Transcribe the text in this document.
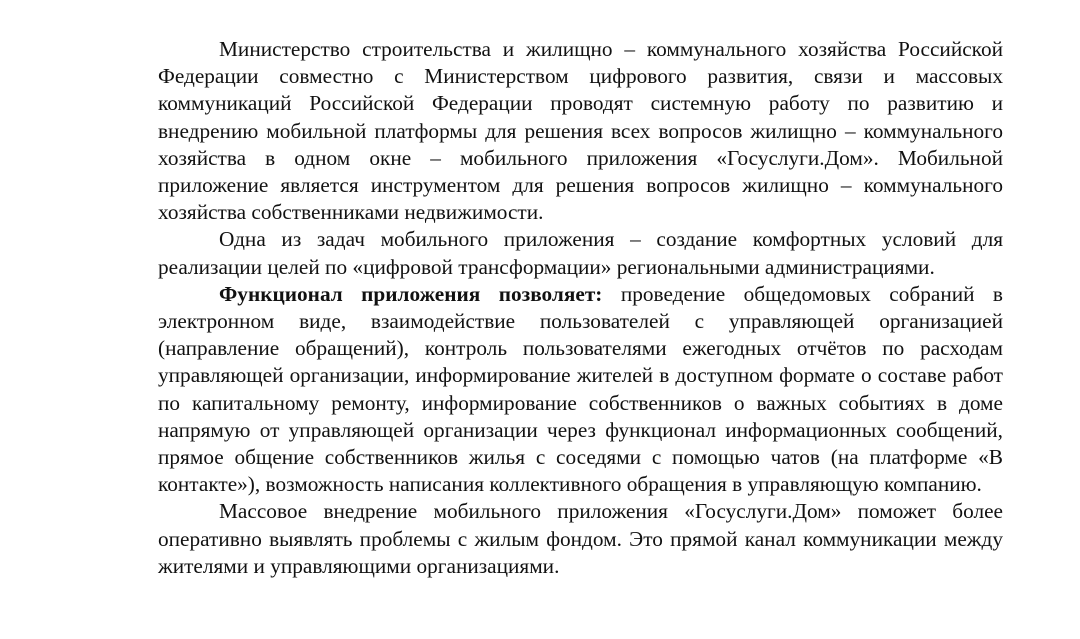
Министерство строительства и жилищно – коммунального хозяйства Российской Федерации совместно с Министерством цифрового развития, связи и массовых коммуникаций Российской Федерации проводят системную работу по развитию и внедрению мобильной платформы для решения всех вопросов жилищно – коммунального хозяйства в одном окне – мобильного приложения «Госуслуги.Дом». Мобильной приложение является инструментом для решения вопросов жилищно – коммунального хозяйства собственниками недвижимости.

Одна из задач мобильного приложения – создание комфортных условий для реализации целей по «цифровой трансформации» региональными администрациями.

Функционал приложения позволяет: проведение общедомовых собраний в электронном виде, взаимодействие пользователей с управляющей организацией (направление обращений), контроль пользователями ежегодных отчётов по расходам управляющей организации, информирование жителей в доступном формате о составе работ по капитальному ремонту, информирование собственников о важных событиях в доме напрямую от управляющей организации через функционал информационных сообщений, прямое общение собственников жилья с соседями с помощью чатов (на платформе «В контакте»), возможность написания коллективного обращения в управляющую компанию.

Массовое внедрение мобильного приложения «Госуслуги.Дом» поможет более оперативно выявлять проблемы с жилым фондом. Это прямой канал коммуникации между жителями и управляющими организациями.
